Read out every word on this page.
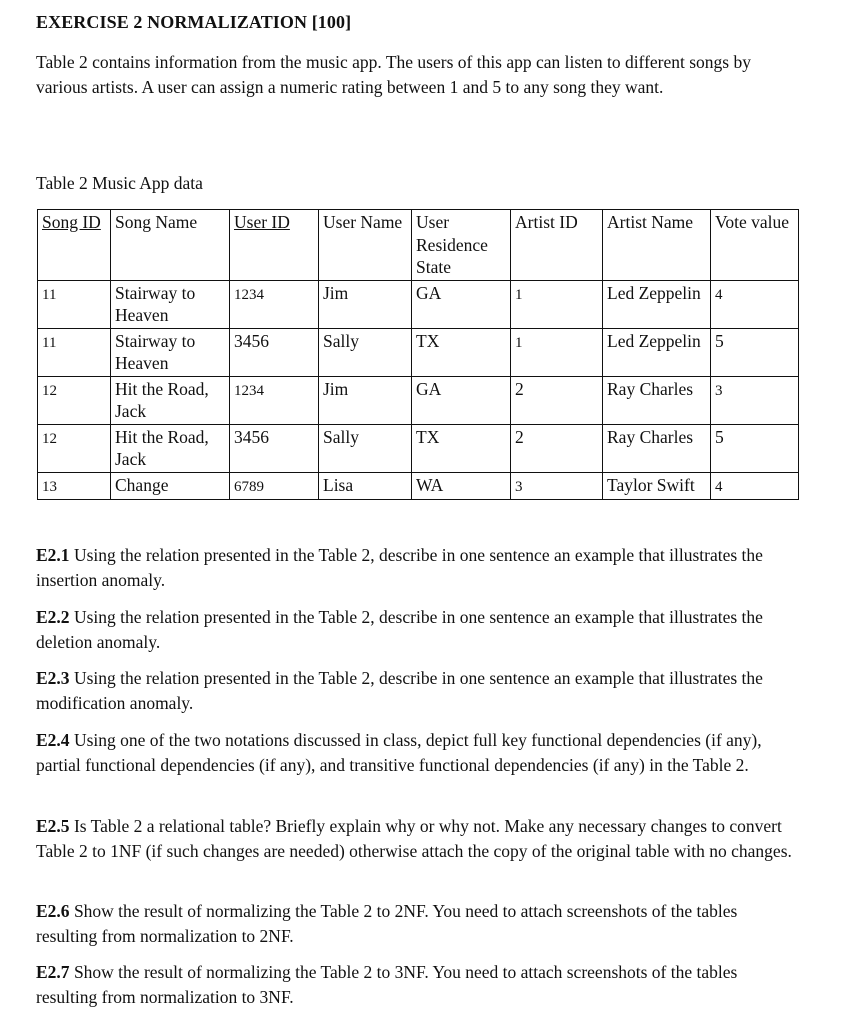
EXERCISE 2 NORMALIZATION [100]

Table 2 contains information from the music app. The users of this app can listen to different songs by various artists. A user can assign a numeric rating between 1 and 5 to any song they want.

Table 2 Music App data

Song ID	Song Name	User ID	User Name	User Residence State	Artist ID	Artist Name	Vote value
11	Stairway to Heaven	1234	Jim	GA	1	Led Zeppelin	4
11	Stairway to Heaven	3456	Sally	TX	1	Led Zeppelin	5
12	Hit the Road, Jack	1234	Jim	GA	2	Ray Charles	3
12	Hit the Road, Jack	3456	Sally	TX	2	Ray Charles	5
13	Change	6789	Lisa	WA	3	Taylor Swift	4

E2.1 Using the relation presented in the Table 2, describe in one sentence an example that illustrates the insertion anomaly.

E2.2 Using the relation presented in the Table 2, describe in one sentence an example that illustrates the deletion anomaly.

E2.3 Using the relation presented in the Table 2, describe in one sentence an example that illustrates the modification anomaly.

E2.4 Using one of the two notations discussed in class, depict full key functional dependencies (if any), partial functional dependencies (if any), and transitive functional dependencies (if any) in the Table 2.

E2.5 Is Table 2 a relational table? Briefly explain why or why not. Make any necessary changes to convert Table 2 to 1NF (if such changes are needed) otherwise attach the copy of the original table with no changes.

E2.6 Show the result of normalizing the Table 2 to 2NF. You need to attach screenshots of the tables resulting from normalization to 2NF.

E2.7 Show the result of normalizing the Table 2 to 3NF. You need to attach screenshots of the tables resulting from normalization to 3NF.
